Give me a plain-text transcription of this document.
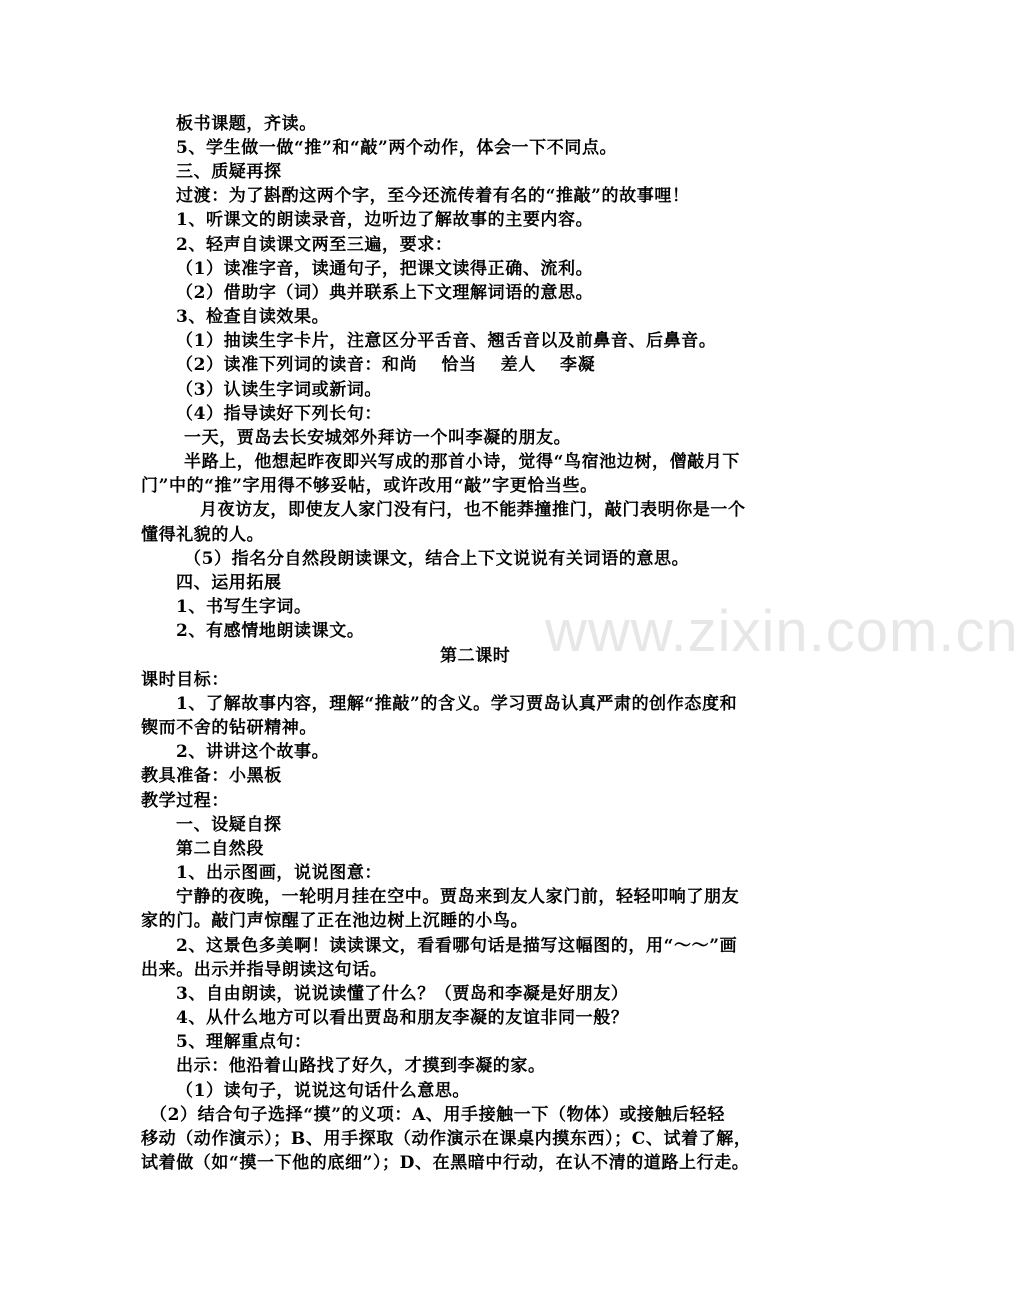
www.zixin.com.cn
板书课题，齐读。
5、学生做一做“推”和“敲”两个动作，体会一下不同点。
三、质疑再探
过渡：为了斟酌这两个字，至今还流传着有名的“推敲”的故事哩！
1、听课文的朗读录音，边听边了解故事的主要内容。
2、轻声自读课文两至三遍，要求：
（1）读准字音，读通句子，把课文读得正确、流利。
（2）借助字（词）典并联系上下文理解词语的意思。
3、检查自读效果。
（1）抽读生字卡片，注意区分平舌音、翘舌音以及前鼻音、后鼻音。
（2）读准下列词的读音：和尚　 恰当　 差人　 李凝
（3）认读生字词或新词。
（4）指导读好下列长句：
一天，贾岛去长安城郊外拜访一个叫李凝的朋友。
半路上，他想起昨夜即兴写成的那首小诗，觉得“鸟宿池边树，僧敲月下
门”中的“推”字用得不够妥帖，或许改用“敲”字更恰当些。
月夜访友，即使友人家门没有闩，也不能莽撞推门，敲门表明你是一个
懂得礼貌的人。
（5）指名分自然段朗读课文，结合上下文说说有关词语的意思。
四、运用拓展
1、书写生字词。
2、有感情地朗读课文。
第二课时
课时目标：
1、了解故事内容，理解“推敲”的含义。学习贾岛认真严肃的创作态度和
锲而不舍的钻研精神。
2、讲讲这个故事。
教具准备：小黑板
教学过程：
一、设疑自探
第二自然段
1、出示图画，说说图意：
宁静的夜晚，一轮明月挂在空中。贾岛来到友人家门前，轻轻叩响了朋友
家的门。敲门声惊醒了正在池边树上沉睡的小鸟。
2、这景色多美啊！读读课文，看看哪句话是描写这幅图的，用“～～”画
出来。出示并指导朗读这句话。
3、自由朗读，说说读懂了什么？（贾岛和李凝是好朋友）
4、从什么地方可以看出贾岛和朋友李凝的友谊非同一般？
5、理解重点句：
出示：他沿着山路找了好久，才摸到李凝的家。
（1）读句子，说说这句话什么意思。
（2）结合句子选择“摸”的义项：A、用手接触一下（物体）或接触后轻轻
移动（动作演示）；B、用手探取（动作演示在课桌内摸东西）；C、试着了解，
试着做（如“摸一下他的底细”）；D、在黑暗中行动，在认不清的道路上行走。
